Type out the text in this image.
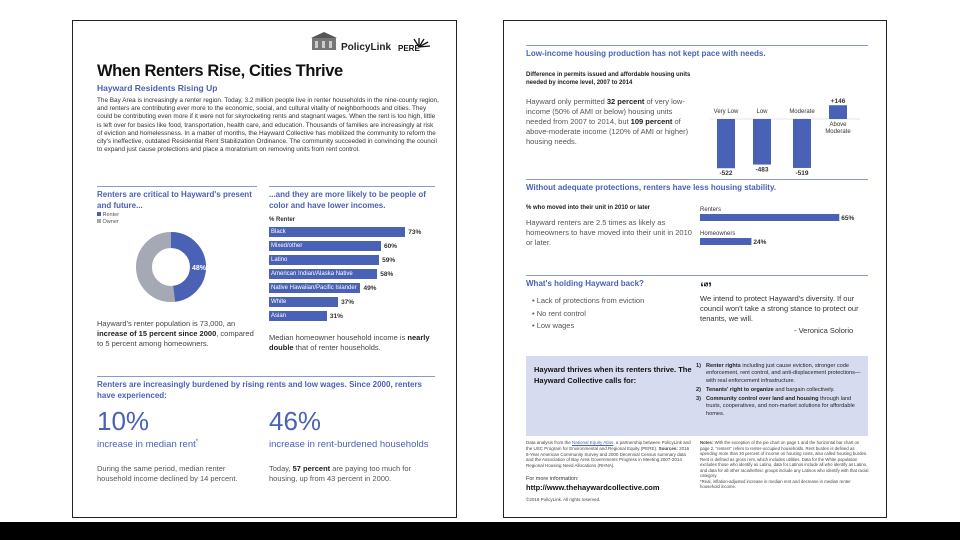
PolicyLink PERE
When Renters Rise, Cities Thrive
Hayward Residents Rising Up
The Bay Area is increasingly a renter region. Today, 3.2 million people live in renter households in the nine-county region, and renters are contributing ever more to the economic, social, and cultural vitality of neighborhoods and cities. They could be contributing even more if it were not for skyrocketing rents and stagnant wages. When the rent is too high, little is left over for basics like food, transportation, health care, and education. Thousands of families are increasingly at risk of eviction and homelessness. In a matter of months, the Hayward Collective has mobilized the community to reform the city's ineffective, outdated Residential Rent Stabilization Ordinance. The community succeeded in convincing the council to expand just cause protections and place a moratorium on removing units from rent control.
Renters are critical to Hayward's present and future...
Renter
Owner
48%
Hayward's renter population is 73,000, an increase of 15 percent since 2000, compared to 5 percent among homeowners.
...and they are more likely to be people of color and have lower incomes.
% Renter
Black	73%
Mixed/other	60%
Latino	59%
American Indian/Alaska Native	58%
Native Hawaiian/Pacific Islander 49%
White	37%
Asian	31%
Median homeowner household income is nearly double that of renter households.
Renters are increasingly burdened by rising rents and low wages. Since 2000, renters have experienced:
10%
increase in median rent*
46%
increase in rent-burdened households
During the same period, median renter household income declined by 14 percent.
Today, 57 percent are paying too much for housing, up from 43 percent in 2000.
Low-income housing production has not kept pace with needs.
Difference in permits issued and affordable housing units needed by income level, 2007 to 2014
Hayward only permitted 32 percent of very low-income (50% of AMI or below) housing units needed from 2007 to 2014, but 109 percent of above-moderate income (120% of AMI or higher) housing needs.
-522
Very Low
-483
Low
-519
Moderate
+146
Above
Moderate
Without adequate protections, renters have less housing stability.
% who moved into their unit in 2010 or later
Hayward renters are 2.5 times as likely as homeowners to have moved into their unit in 2010 or later.
Renters
65%
Homeowners
24%
What's holding Hayward back?
• Lack of protections from eviction
• No rent control
• Low wages
“”
We intend to protect Hayward's diversity. If our council won't take a strong stance to protect our tenants, we will.
- Veronica Solorio
Hayward thrives when its renters thrive. The Hayward Collective calls for:
1) Renter rights including just cause eviction, stronger code enforcement, rent control, and anti-displacement protections—with real enforcement infrastructure.
2) Tenants' right to organize and bargain collectively.
3) Community control over land and housing through land trusts, cooperatives, and non-market solutions for affordable homes.
Data analysis from the National Equity Atlas, a partnership between PolicyLink and the USC Program for Environmental and Regional Equity (PERE). Sources: 2016 5-Year American Community Survey and 2000 Decennial Census summary data and the Association of Bay Area Governments Progress in Meeting 2007-2014 Regional Housing Need Allocations (RHNA).
For more information:
http://www.thehaywardcollective.com
©2018 PolicyLink. All rights reserved.
Notes: With the exception of the pie chart on page 1 and the horizontal bar chart on page 2, "renters" refers to renter-occupied households. Rent burden is defined as spending more than 30 percent of income on housing costs, also called housing burden. Rent is defined as gross rent, which includes utilities. Data for the White population excludes those who identify as Latino, data for Latinos include all who identify as Latino, and data for all other racial/ethnic groups include any Latinos who identify with that racial category.
*Real, inflation-adjusted increase in median rent and decrease in median renter household income.
